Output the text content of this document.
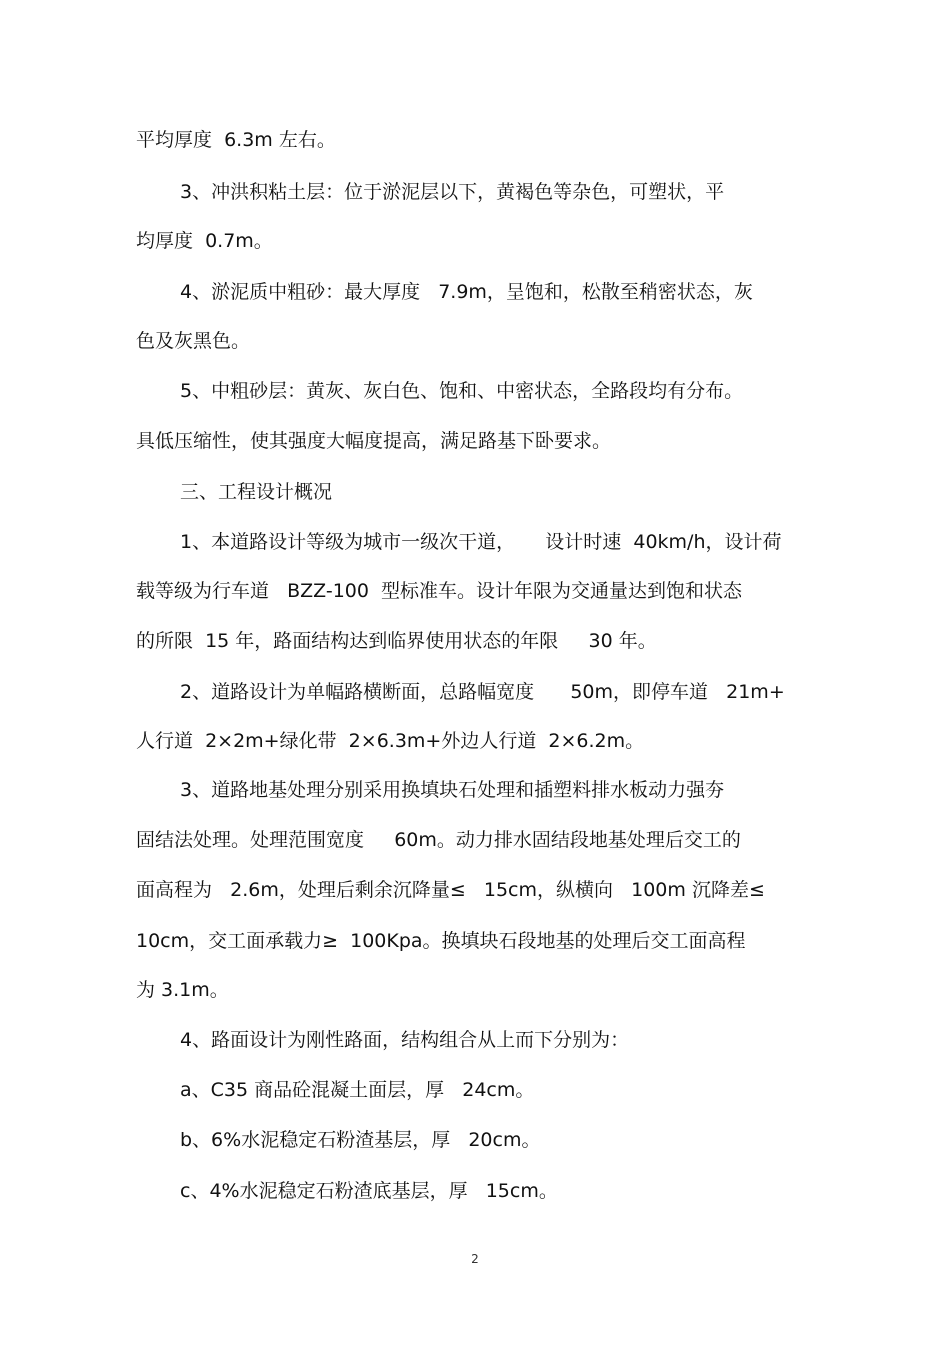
平均厚度  6.3m 左右。
3、冲洪积粘土层：位于淤泥层以下，黄褐色等杂色，可塑状，平
均厚度  0.7m。
4、淤泥质中粗砂：最大厚度   7.9m，呈饱和，松散至稍密状态，灰
色及灰黑色。
5、中粗砂层：黄灰、灰白色、饱和、中密状态，全路段均有分布。
具低压缩性，使其强度大幅度提高，满足路基下卧要求。
三、工程设计概况
1、本道路设计等级为城市一级次干道，     设计时速  40km/h，设计荷
载等级为行车道   BZZ-100  型标准车。设计年限为交通量达到饱和状态
的所限  15 年，路面结构达到临界使用状态的年限     30 年。
2、道路设计为单幅路横断面，总路幅宽度      50m，即停车道   21m+
人行道  2×2m+绿化带  2×6.3m+外边人行道  2×6.2m。
3、道路地基处理分别采用换填块石处理和插塑料排水板动力强夯
固结法处理。处理范围宽度     60m。动力排水固结段地基处理后交工的
面高程为   2.6m，处理后剩余沉降量≤   15cm，纵横向   100m 沉降差≤
10cm，交工面承载力≥  100Kpa。换填块石段地基的处理后交工面高程
为 3.1m。
4、路面设计为刚性路面，结构组合从上而下分别为：
a、C35 商品砼混凝土面层，厚   24cm。
b、6%水泥稳定石粉渣基层，厚   20cm。
c、4%水泥稳定石粉渣底基层，厚   15cm。
2
